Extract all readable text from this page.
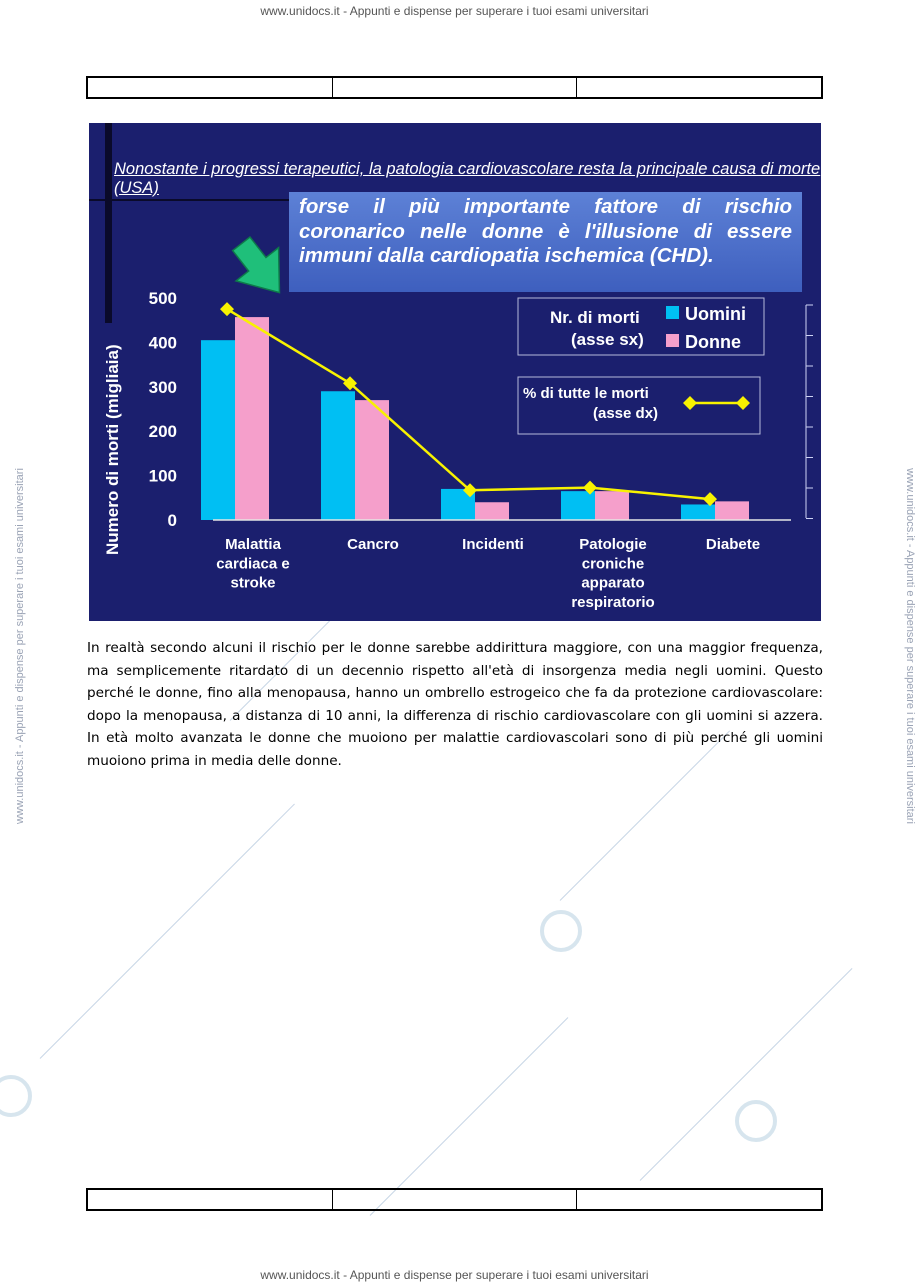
www.unidocs.it - Appunti e dispense per superare i tuoi esami universitari
www.unidocs.it - Appunti e dispense per superare i tuoi esami universitari
www.unidocs.it - Appunti e dispense per superare i tuoi esami universitari	www.unidocs.it - Appunti e dispense per superare i tuoi esami universitari
Nonostante i progressi terapeutici, la patologia cardiovascolare resta la principale causa di morte (USA)
forse il più importante fattore di rischio coronarico nelle donne è l'illusione di essere immuni dalla cardiopatia ischemica (CHD).
0
100
200
300
400
500
Malattia
cardiaca e
stroke
Cancro	Incidenti	Patologie
croniche
apparato
respiratorio
Diabete
Numero di morti (migliaia)
Nr. di morti
(asse sx)
Uomini
Donne
% di tutte le morti
(asse dx)
In realtà secondo alcuni il rischio per le donne sarebbe addirittura maggiore, con una maggior frequenza, ma semplicemente ritardato di un decennio rispetto all'età di insorgenza media negli uomini. Questo perché le donne, fino alla menopausa, hanno un ombrello estrogeico che fa da protezione cardiovascolare: dopo la menopausa, a distanza di 10 anni, la differenza di rischio cardiovascolare con gli uomini si azzera. In età molto avanzata le donne che muoiono per malattie cardiovascolari sono di più perché gli uomini muoiono prima in media delle donne.
